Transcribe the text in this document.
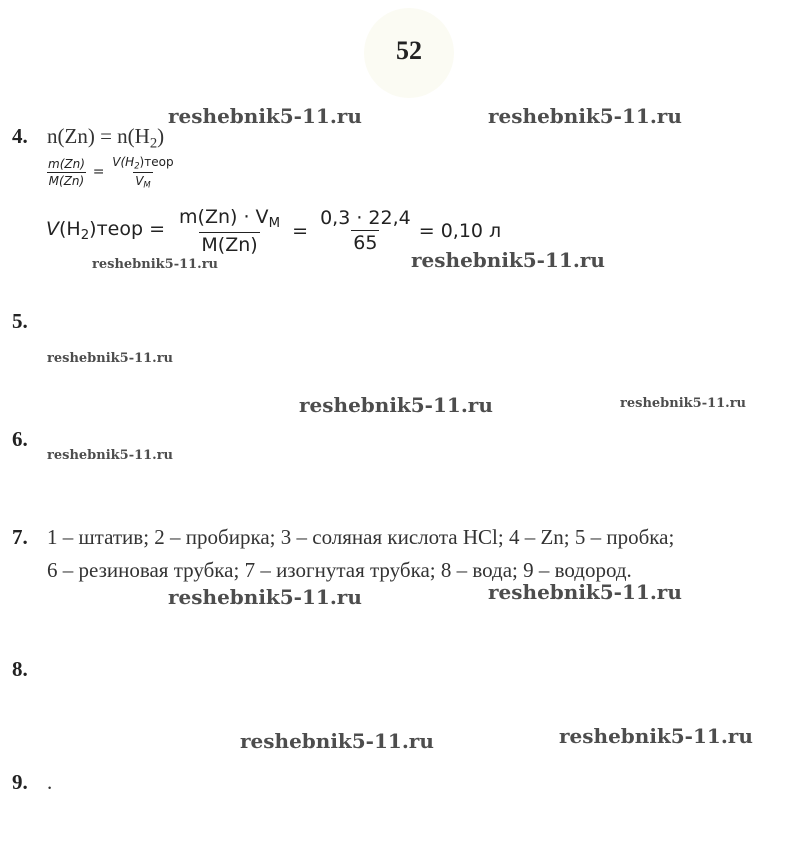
52
4. $n(Zn) = n(H_2)$
$\frac{m(Zn)}{M(Zn)} = \frac{V(H_2)теор}{V_M}$
$V(H_2)теор = \frac{m(Zn) \cdot V_M}{M(Zn)} = \frac{0,3 \cdot 22,4}{65} = 0,10$ л
5.
6.
7. 1 – штатив; 2 – пробирка; 3 – соляная кислота HCl; 4 – Zn; 5 – пробка;
6 – резиновая трубка; 7 – изогнутая трубка; 8 – вода; 9 – водород.
8.
9. .
reshebnik5-11.ru	reshebnik5-11.ru
reshebnik5-11.ru	reshebnik5-11.ru
reshebnik5-11.ru
reshebnik5-11.ru	reshebnik5-11.ru
reshebnik5-11.ru
reshebnik5-11.ru	reshebnik5-11.ru
reshebnik5-11.ru	reshebnik5-11.ru
